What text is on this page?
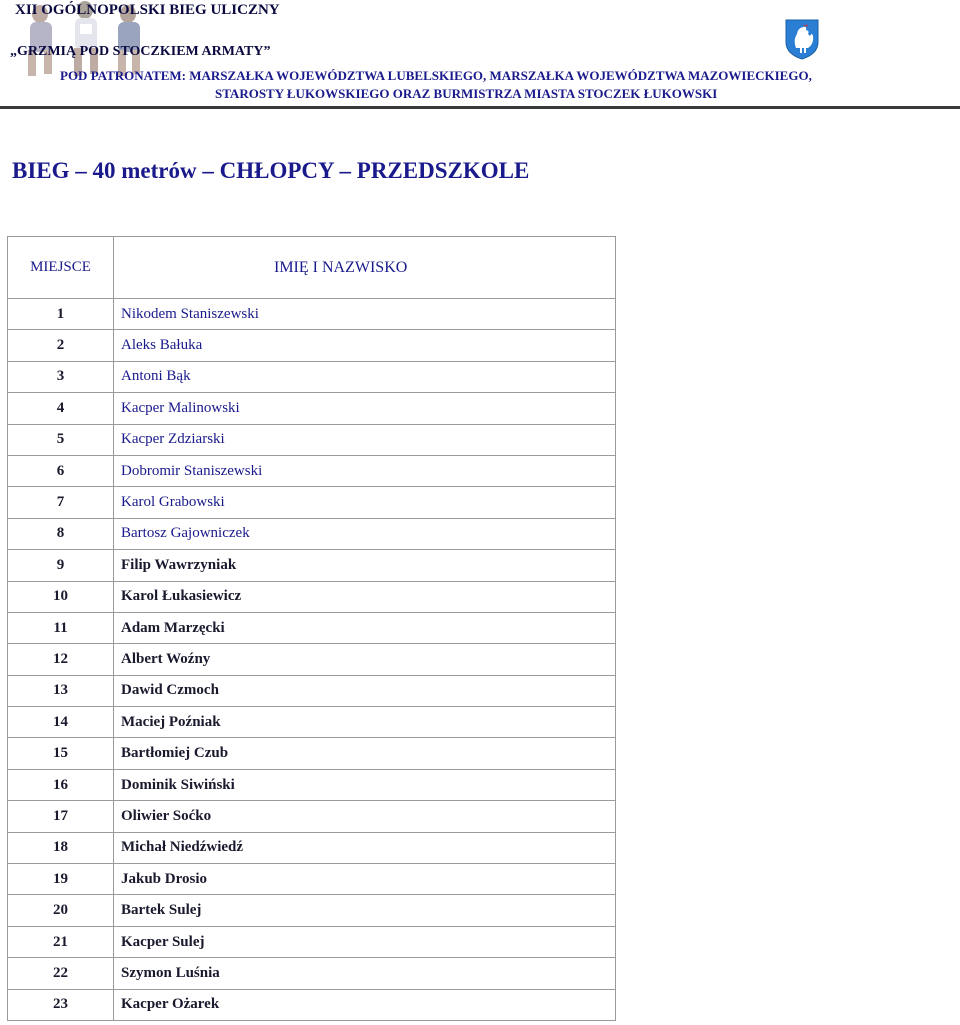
XII OGÓLNOPOLSKI BIEG ULICZNY
„GRZMIĄ POD STOCZKIEM ARMATY”
POD PATRONATEM: MARSZAŁKA WOJEWÓDZTWA LUBELSKIEGO, MARSZAŁKA WOJEWÓDZTWA MAZOWIECKIEGO,
STAROSTY ŁUKOWSKIEGO ORAZ BURMISTRZA MIASTA STOCZEK ŁUKOWSKI
BIEG – 40 metrów – CHŁOPCY – PRZEDSZKOLE
MIEJSCE	IMIĘ I NAZWISKO
1	Nikodem Staniszewski
2	Aleks Bałuka
3	Antoni Bąk
4	Kacper Malinowski
5	Kacper Zdziarski
6	Dobromir Staniszewski
7	Karol Grabowski
8	Bartosz Gajowniczek
9	Filip Wawrzyniak
10	Karol Łukasiewicz
11	Adam Marzęcki
12	Albert Woźny
13	Dawid Czmoch
14	Maciej Poźniak
15	Bartłomiej Czub
16	Dominik Siwiński
17	Oliwier Soćko
18	Michał Niedźwiedź
19	Jakub Drosio
20	Bartek Sulej
21	Kacper Sulej
22	Szymon Luśnia
23	Kacper Ożarek
